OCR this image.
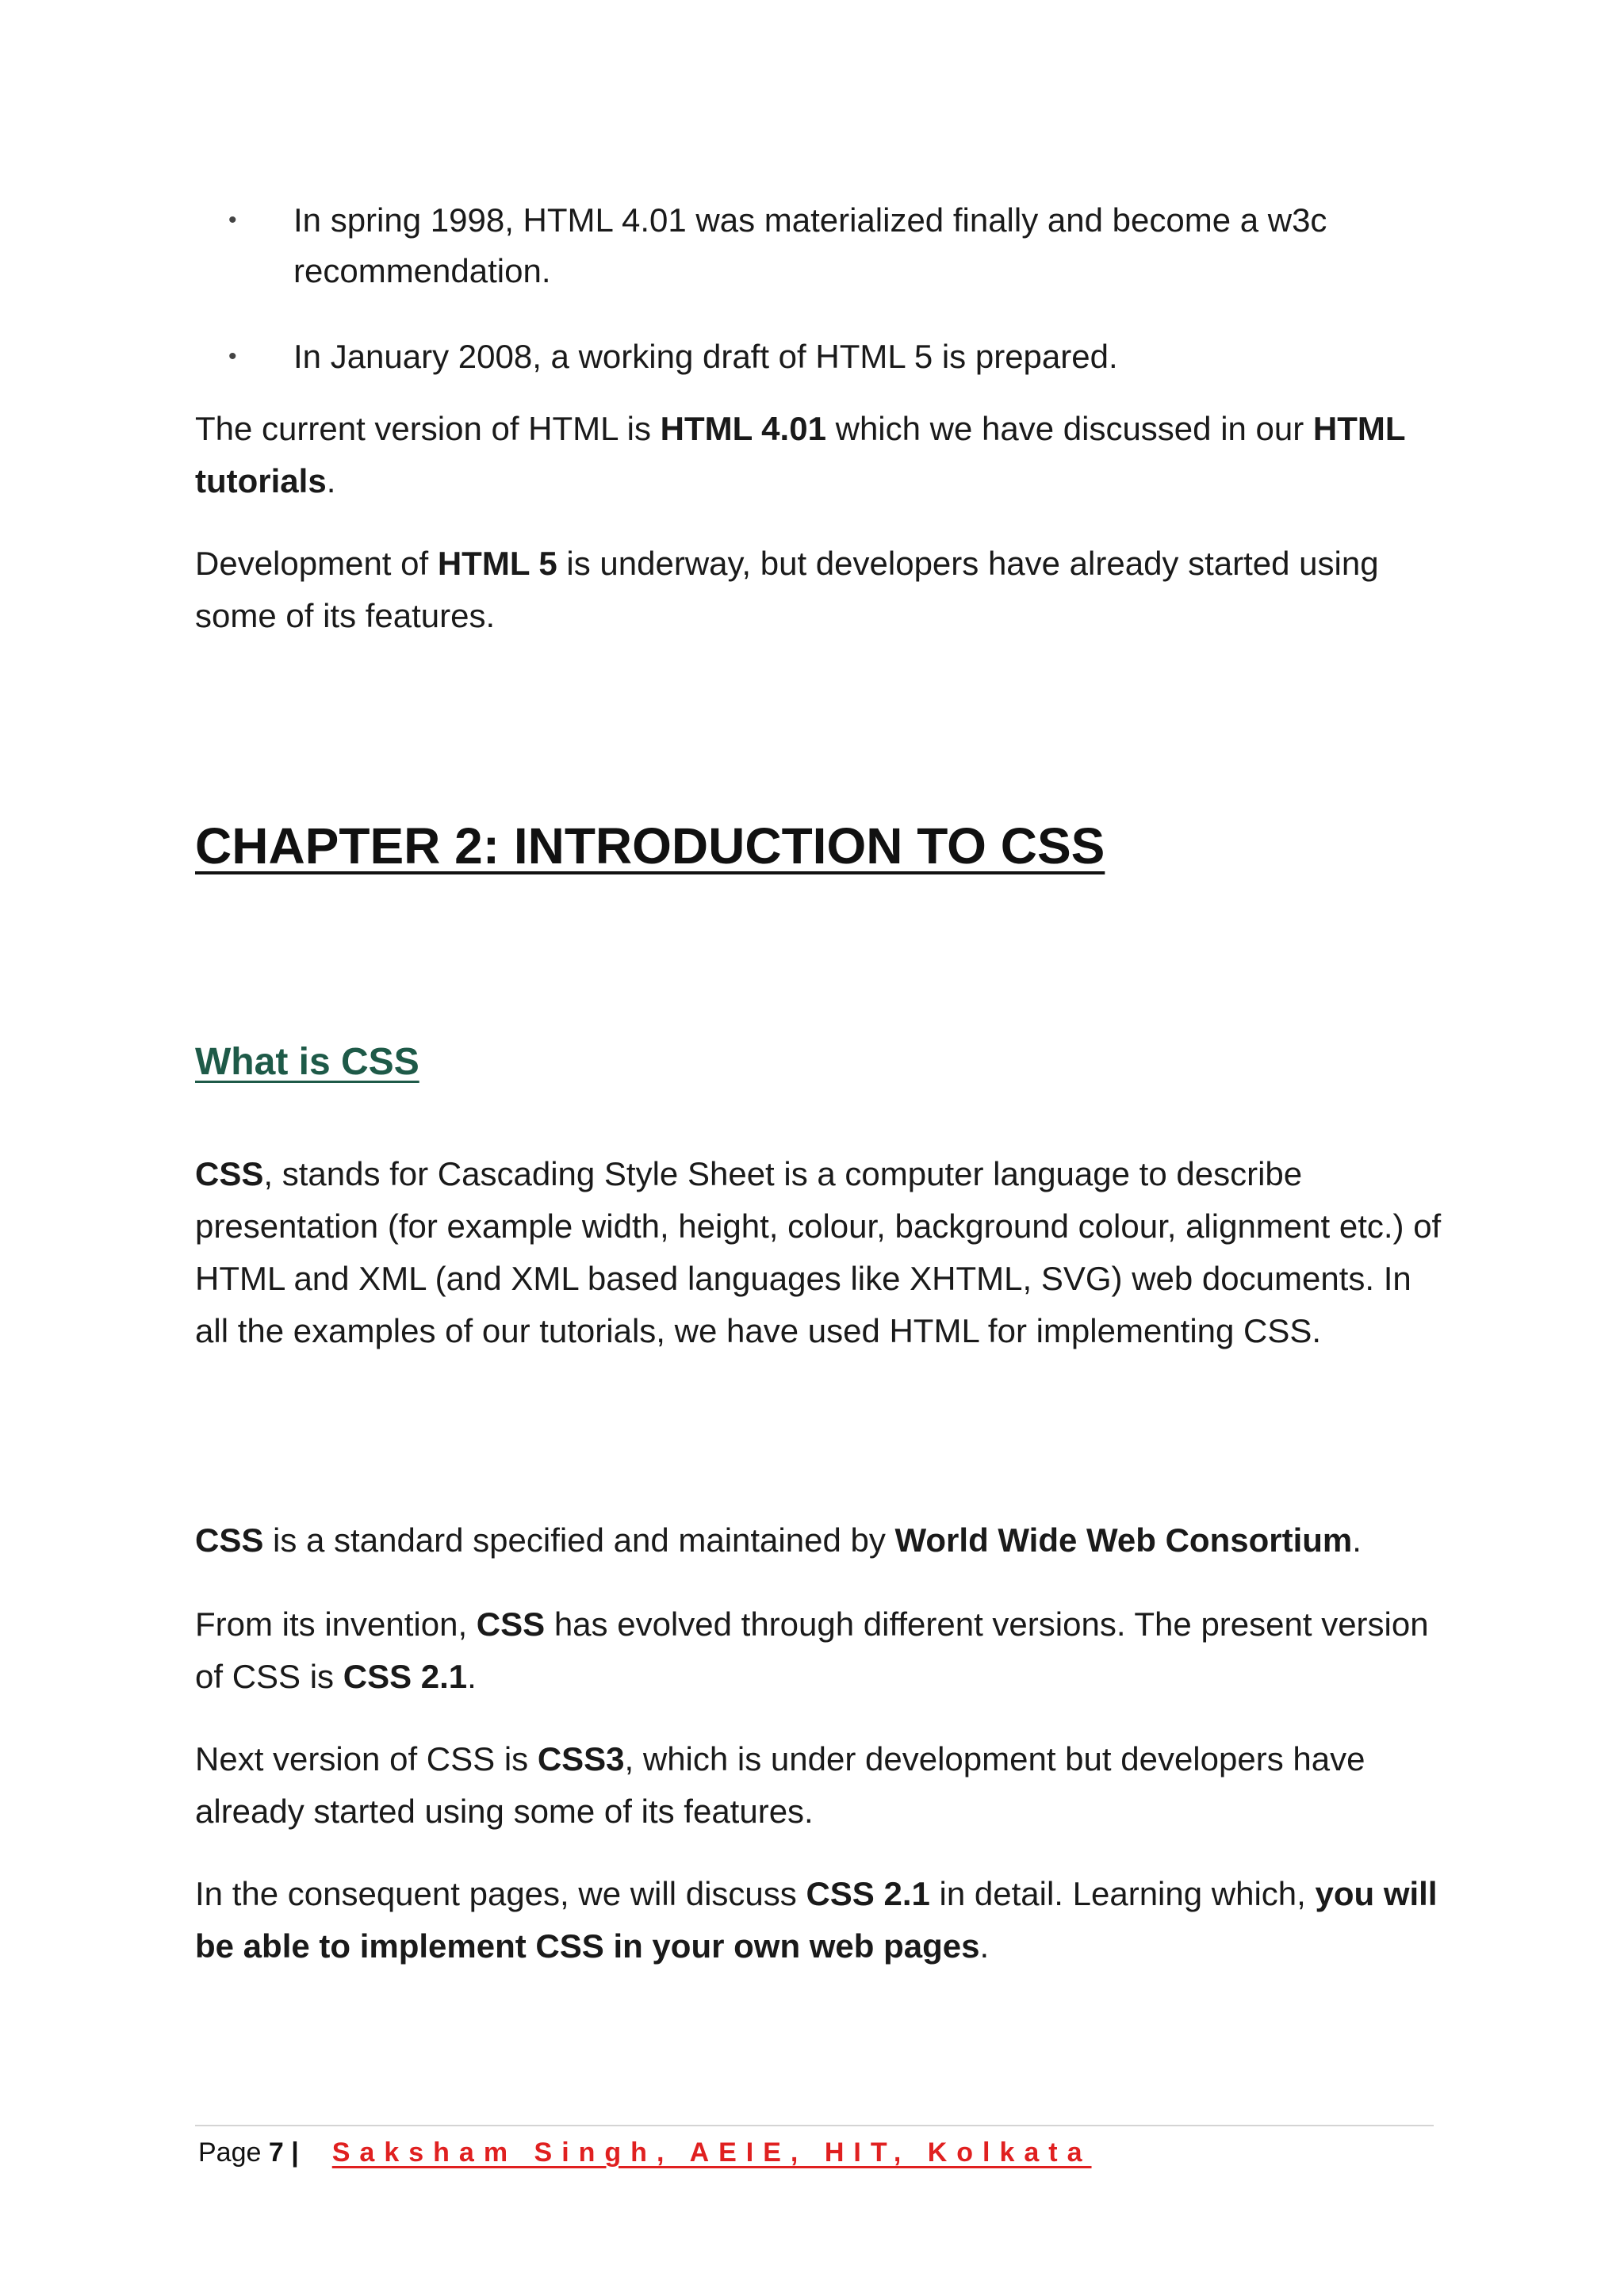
• In spring 1998, HTML 4.01 was materialized finally and become a w3c recommendation.
• In January 2008, a working draft of HTML 5 is prepared.
The current version of HTML is HTML 4.01 which we have discussed in our HTML tutorials.
Development of HTML 5 is underway, but developers have already started using some of its features.
CHAPTER 2: INTRODUCTION TO CSS
What is CSS
CSS, stands for Cascading Style Sheet is a computer language to describe presentation (for example width, height, colour, background colour, alignment etc.) of
HTML and XML (and XML based languages like XHTML, SVG) web documents. In all the examples of our tutorials, we have used HTML for implementing CSS.
CSS is a standard specified and maintained by World Wide Web Consortium.
From its invention, CSS has evolved through different versions. The present version of CSS is CSS 2.1.
Next version of CSS is CSS3, which is under development but developers have already started using some of its features.
In the consequent pages, we will discuss CSS 2.1 in detail. Learning which, you will be able to implement CSS in your own web pages.
Page 7 | Saksham Singh, AEIE, HIT, Kolkata
